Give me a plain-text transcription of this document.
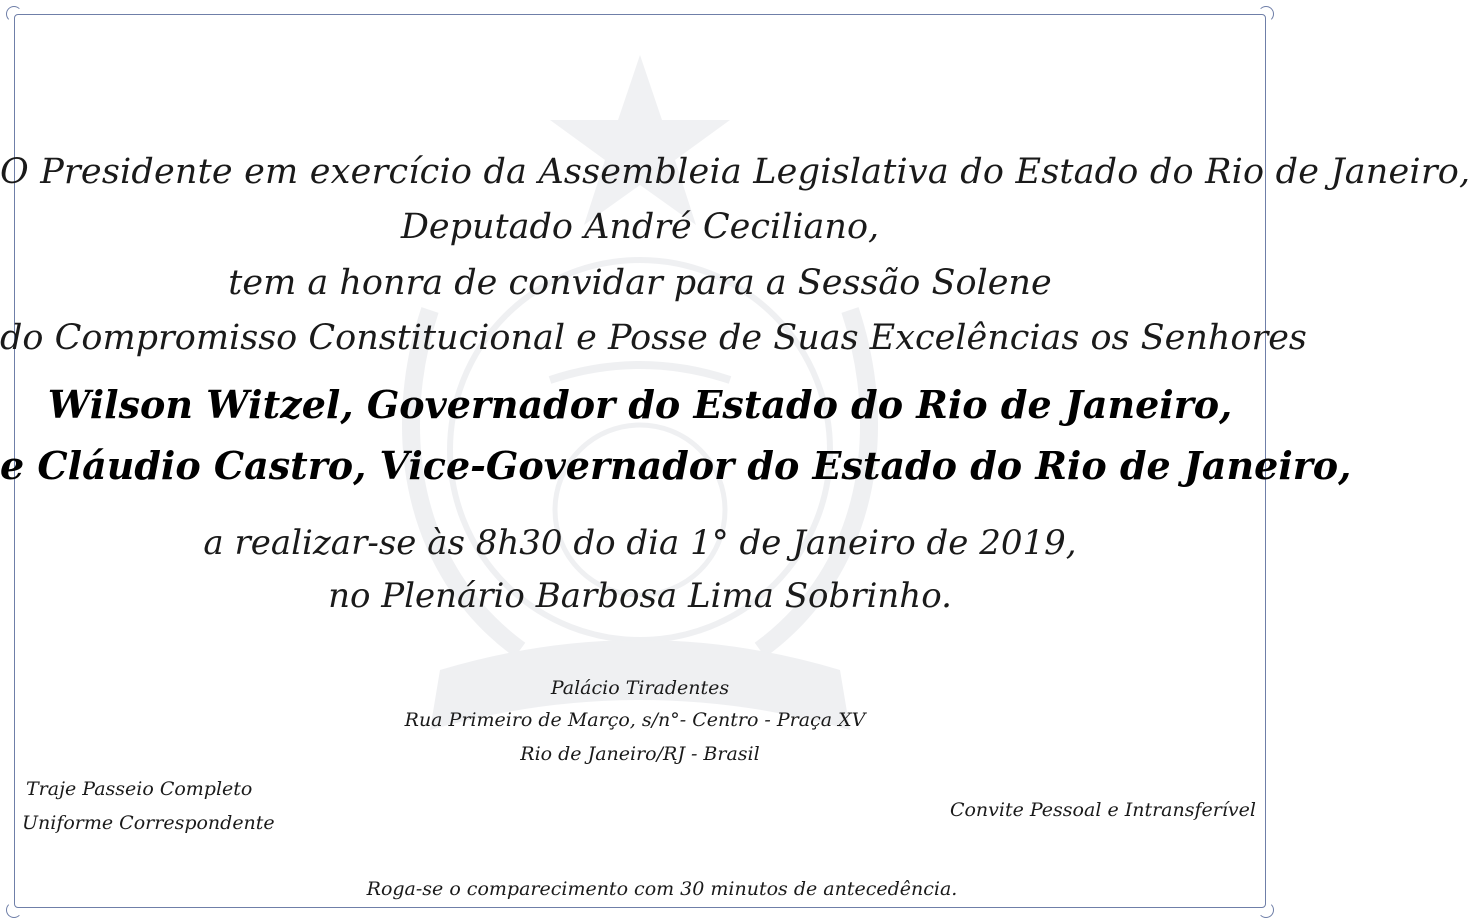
O Presidente em exercício da Assembleia Legislativa do Estado do Rio de Janeiro,
Deputado André Ceciliano,
tem a honra de convidar para a Sessão Solene
do Compromisso Constitucional e Posse de Suas Excelências os Senhores
Wilson Witzel, Governador do Estado do Rio de Janeiro,
e Cláudio Castro, Vice-Governador do Estado do Rio de Janeiro,
a realizar-se às 8h30 do dia 1° de Janeiro de 2019,
no Plenário Barbosa Lima Sobrinho.
Palácio Tiradentes
Rua Primeiro de Março, s/n°- Centro - Praça XV
Rio de Janeiro/RJ - Brasil
Traje Passeio Completo
Uniforme Correspondente
Convite Pessoal e Intransferível
Roga-se o comparecimento com 30 minutos de antecedência.
